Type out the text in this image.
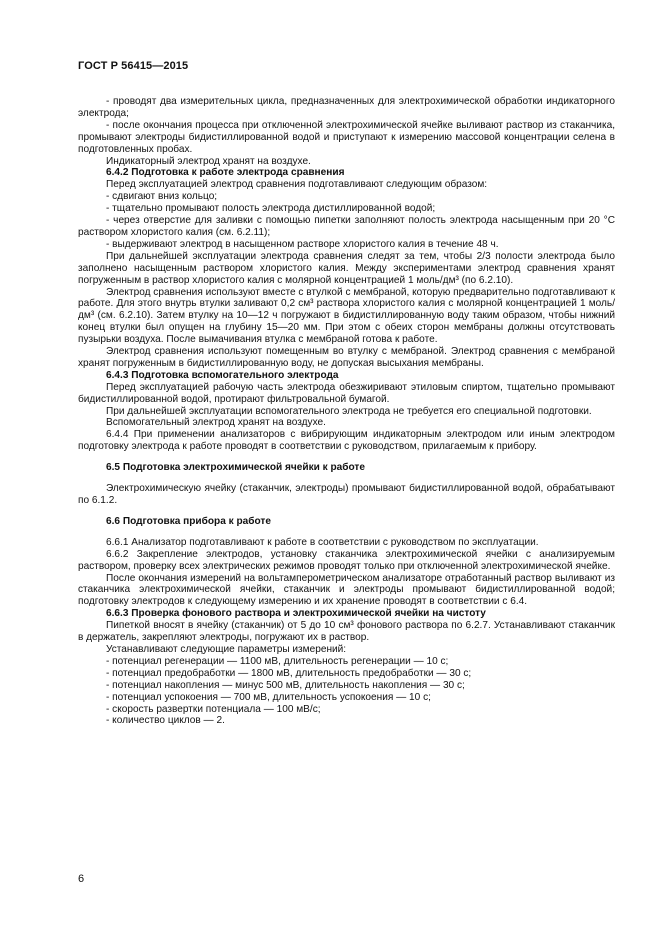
ГОСТ Р 56415—2015

- проводят два измерительных цикла, предназначенных для электрохимической обработки индикаторного электрода;

- после окончания процесса при отключенной электрохимической ячейке выливают раствор из стаканчика, промывают электроды бидистиллированной водой и приступают к измерению массовой концентрации селена в подготовленных пробах.

Индикаторный электрод хранят на воздухе.

6.4.2 Подготовка к работе электрода сравнения

Перед эксплуатацией электрод сравнения подготавливают следующим образом:

- сдвигают вниз кольцо;

- тщательно промывают полость электрода дистиллированной водой;

- через отверстие для заливки с помощью пипетки заполняют полость электрода насыщенным при 20 °С раствором хлористого калия (см. 6.2.11);

- выдерживают электрод в насыщенном растворе хлористого калия в течение 48 ч.

При дальнейшей эксплуатации электрода сравнения следят за тем, чтобы 2/3 полости электрода было заполнено насыщенным раствором хлористого калия. Между экспериментами электрод сравнения хранят погруженным в раствор хлористого калия с молярной концентрацией 1 моль/дм³ (по 6.2.10).

Электрод сравнения используют вместе с втулкой с мембраной, которую предварительно подготавливают к работе. Для этого внутрь втулки заливают 0,2 см³ раствора хлористого калия с молярной концентрацией 1 моль/дм³ (см. 6.2.10). Затем втулку на 10—12 ч погружают в бидистиллированную воду таким образом, чтобы нижний конец втулки был опущен на глубину 15—20 мм. При этом с обеих сторон мембраны должны отсутствовать пузырьки воздуха. После вымачивания втулка с мембраной готова к работе.

Электрод сравнения используют помещенным во втулку с мембраной. Электрод сравнения с мембраной хранят погруженным в бидистиллированную воду, не допуская высыхания мембраны.

6.4.3 Подготовка вспомогательного электрода

Перед эксплуатацией рабочую часть электрода обезжиривают этиловым спиртом, тщательно промывают бидистиллированной водой, протирают фильтровальной бумагой.

При дальнейшей эксплуатации вспомогательного электрода не требуется его специальной подготовки.

Вспомогательный электрод хранят на воздухе.

6.4.4 При применении анализаторов с вибрирующим индикаторным электродом или иным электродом подготовку электрода к работе проводят в соответствии с руководством, прилагаемым к прибору.

6.5 Подготовка электрохимической ячейки к работе

Электрохимическую ячейку (стаканчик, электроды) промывают бидистиллированной водой, обрабатывают по 6.1.2.

6.6 Подготовка прибора к работе

6.6.1 Анализатор подготавливают к работе в соответствии с руководством по эксплуатации.

6.6.2 Закрепление электродов, установку стаканчика электрохимической ячейки с анализируемым раствором, проверку всех электрических режимов проводят только при отключенной электрохимической ячейке.

После окончания измерений на вольтамперометрическом анализаторе отработанный раствор выливают из стаканчика электрохимической ячейки, стаканчик и электроды промывают бидистиллированной водой; подготовку электродов к следующему измерению и их хранение проводят в соответствии с 6.4.

6.6.3 Проверка фонового раствора и электрохимической ячейки на чистоту

Пипеткой вносят в ячейку (стаканчик) от 5 до 10 см³ фонового раствора по 6.2.7. Устанавливают стаканчик в держатель, закрепляют электроды, погружают их в раствор.

Устанавливают следующие параметры измерений:

- потенциал регенерации — 1100 мВ, длительность регенерации — 10 с;

- потенциал предобработки — 1800 мВ, длительность предобработки — 30 с;

- потенциал накопления — минус 500 мВ, длительность накопления — 30 с;

- потенциал успокоения — 700 мВ, длительность успокоения — 10 с;

- скорость развертки потенциала — 100 мВ/с;

- количество циклов — 2.

6
